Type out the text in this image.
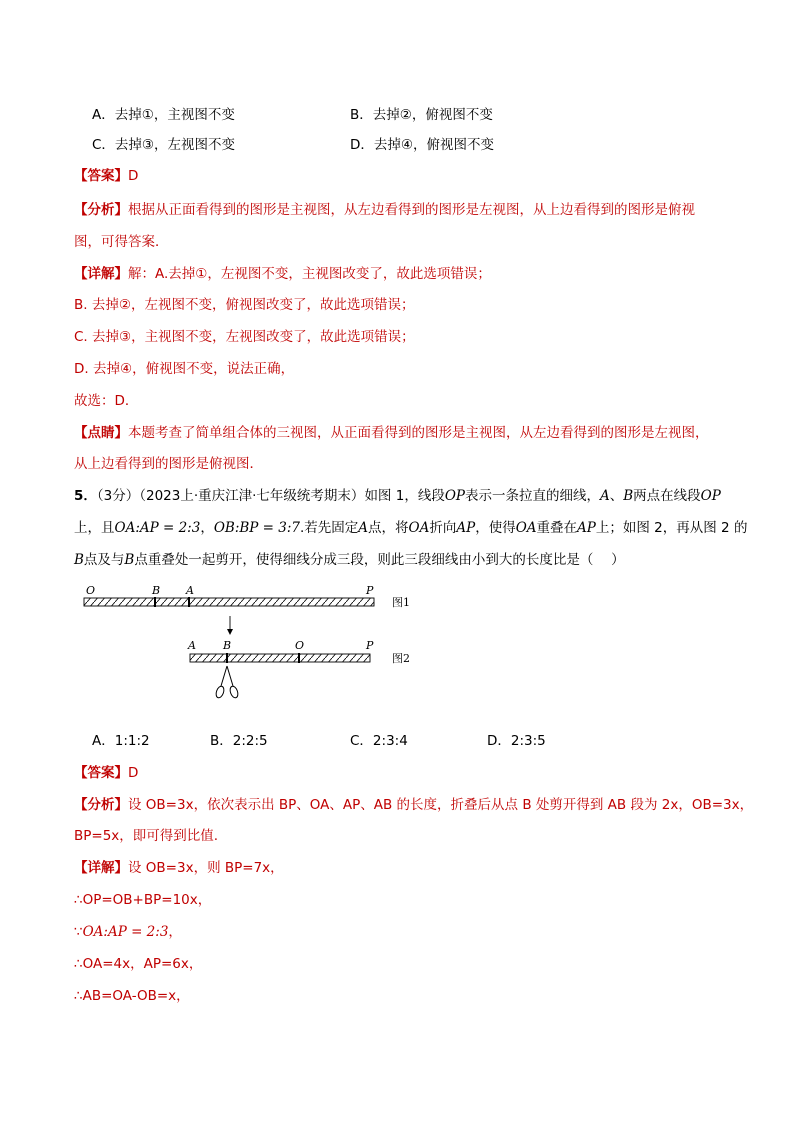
A．去掉①，主视图不变	B．去掉②，俯视图不变
C．去掉③，左视图不变	D．去掉④，俯视图不变
【答案】D
【分析】根据从正面看得到的图形是主视图，从左边看得到的图形是左视图，从上边看得到的图形是俯视
图，可得答案．
【详解】解：A.去掉①，左视图不变，主视图改变了，故此选项错误；
B. 去掉②，左视图不变，俯视图改变了，故此选项错误；
C. 去掉③，主视图不变，左视图改变了，故此选项错误；
D. 去掉④，俯视图不变，说法正确，
故选：D．
【点睛】本题考查了简单组合体的三视图，从正面看得到的图形是主视图，从左边看得到的图形是左视图，
从上边看得到的图形是俯视图．
5．（3分）（2023上·重庆江津·七年级统考期末）如图 1，线段OP表示一条拉直的细线，A、B两点在线段OP
上，且OA:AP = 2:3，OB:BP = 3:7.若先固定A点，将OA折向AP，使得OA重叠在AP上；如图 2，再从图 2 的
B点及与B点重叠处一起剪开，使得细线分成三段，则此三段细线由小到大的长度比是（　 ）
O	B A	P
图1
A B	O	P
图2
A．1:1:2	B．2:2:5	C．2:3:4	D．2:3:5
【答案】D
【分析】设 OB=3x，依次表示出 BP、OA、AP、AB 的长度，折叠后从点 B 处剪开得到 AB 段为 2x，OB=3x，
BP=5x，即可得到比值.
【详解】设 OB=3x，则 BP=7x，
∴OP=OB+BP=10x，
∵OA:AP = 2:3，
∴OA=4x，AP=6x，
∴AB=OA-OB=x，
